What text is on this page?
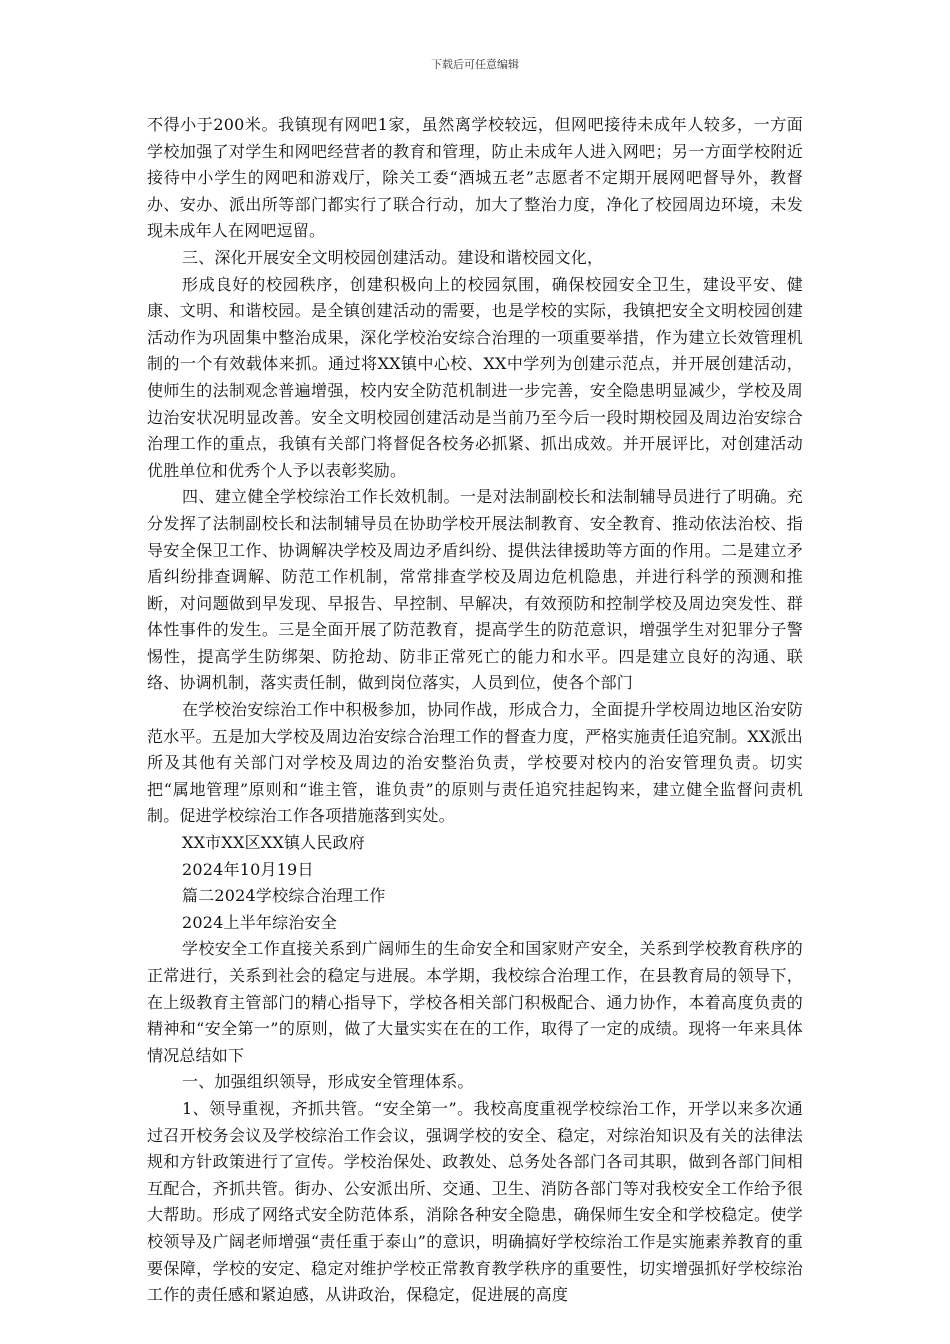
下载后可任意编辑

不得小于200米。我镇现有网吧1家，虽然离学校较远，但网吧接待未成年人较多，一方面学校加强了对学生和网吧经营者的教育和管理，防止未成年人进入网吧；另一方面学校附近接待中小学生的网吧和游戏厅，除关工委“酒城五老”志愿者不定期开展网吧督导外，教督办、安办、派出所等部门都实行了联合行动，加大了整治力度，净化了校园周边环境，未发现未成年人在网吧逗留。

三、深化开展安全文明校园创建活动。建设和谐校园文化，

形成良好的校园秩序，创建积极向上的校园氛围，确保校园安全卫生，建设平安、健康、文明、和谐校园。是全镇创建活动的需要，也是学校的实际，我镇把安全文明校园创建活动作为巩固集中整治成果，深化学校治安综合治理的一项重要举措，作为建立长效管理机制的一个有效载体来抓。通过将XX镇中心校、XX中学列为创建示范点，并开展创建活动，使师生的法制观念普遍增强，校内安全防范机制进一步完善，安全隐患明显减少，学校及周边治安状况明显改善。安全文明校园创建活动是当前乃至今后一段时期校园及周边治安综合治理工作的重点，我镇有关部门将督促各校务必抓紧、抓出成效。并开展评比，对创建活动优胜单位和优秀个人予以表彰奖励。

四、建立健全学校综治工作长效机制。一是对法制副校长和法制辅导员进行了明确。充分发挥了法制副校长和法制辅导员在协助学校开展法制教育、安全教育、推动依法治校、指导安全保卫工作、协调解决学校及周边矛盾纠纷、提供法律援助等方面的作用。二是建立矛盾纠纷排查调解、防范工作机制，常常排查学校及周边危机隐患，并进行科学的预测和推断，对问题做到早发现、早报告、早控制、早解决，有效预防和控制学校及周边突发性、群体性事件的发生。三是全面开展了防范教育，提高学生的防范意识，增强学生对犯罪分子警惕性，提高学生防绑架、防抢劫、防非正常死亡的能力和水平。四是建立良好的沟通、联络、协调机制，落实责任制，做到岗位落实，人员到位，使各个部门

在学校治安综治工作中积极参加，协同作战，形成合力，全面提升学校周边地区治安防范水平。五是加大学校及周边治安综合治理工作的督查力度，严格实施责任追究制。XX派出所及其他有关部门对学校及周边的治安整治负责，学校要对校内的治安管理负责。切实把“属地管理”原则和“谁主管，谁负责”的原则与责任追究挂起钩来，建立健全监督问责机制。促进学校综治工作各项措施落到实处。

XX市XX区XX镇人民政府

2024年10月19日

篇二2024学校综合治理工作

2024上半年综治安全

学校安全工作直接关系到广阔师生的生命安全和国家财产安全，关系到学校教育秩序的正常进行，关系到社会的稳定与进展。本学期，我校综合治理工作，在县教育局的领导下，在上级教育主管部门的精心指导下，学校各相关部门积极配合、通力协作，本着高度负责的精神和“安全第一”的原则，做了大量实实在在的工作，取得了一定的成绩。现将一年来具体情况总结如下

一、加强组织领导，形成安全管理体系。

1、领导重视，齐抓共管。“安全第一”。我校高度重视学校综治工作，开学以来多次通过召开校务会议及学校综治工作会议，强调学校的安全、稳定，对综治知识及有关的法律法规和方针政策进行了宣传。学校治保处、政教处、总务处各部门各司其职，做到各部门间相互配合，齐抓共管。街办、公安派出所、交通、卫生、消防各部门等对我校安全工作给予很大帮助。形成了网络式安全防范体系，消除各种安全隐患，确保师生安全和学校稳定。使学校领导及广阔老师增强“责任重于泰山”的意识，明确搞好学校综治工作是实施素养教育的重要保障，学校的安定、稳定对维护学校正常教育教学秩序的重要性，切实增强抓好学校综治工作的责任感和紧迫感，从讲政治，保稳定，促进展的高度
